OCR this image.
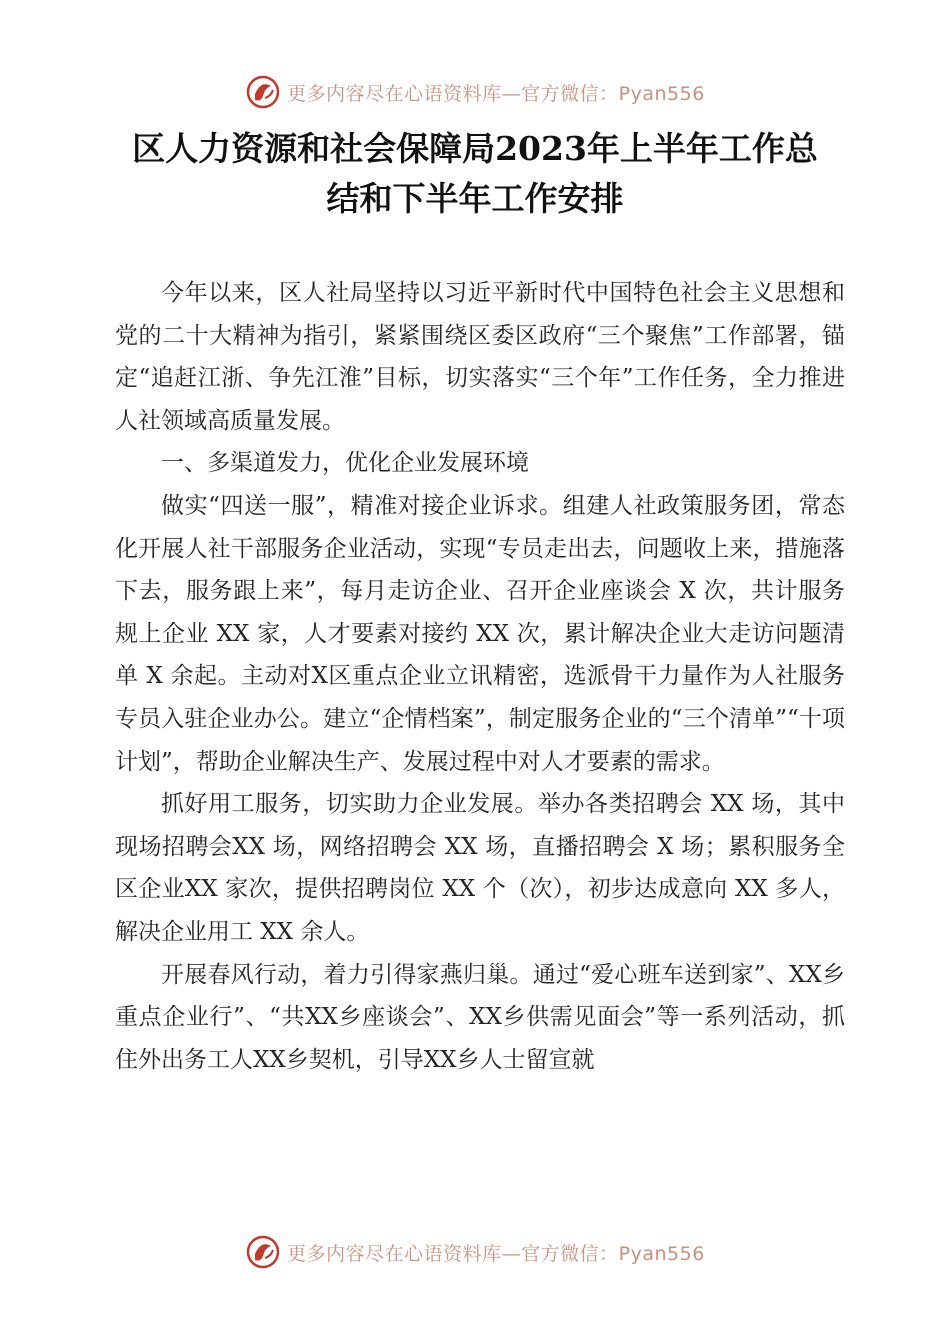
更多内容尽在心语资料库—官方微信：Pyan556
区人力资源和社会保障局2023年上半年工作总
结和下半年工作安排

今年以来，区人社局坚持以习近平新时代中国特色社会主义思想和党的二十大精神为指引，紧紧围绕区委区政府“三个聚焦”工作部署，锚定“追赶江浙、争先江淮”目标，切实落实“三个年”工作任务，全力推进人社领域高质量发展。

一、多渠道发力，优化企业发展环境

做实“四送一服”，精准对接企业诉求。组建人社政策服务团，常态化开展人社干部服务企业活动，实现“专员走出去，问题收上来，措施落下去，服务跟上来”，每月走访企业、召开企业座谈会 X 次，共计服务规上企业 XX 家，人才要素对接约 XX 次，累计解决企业大走访问题清单 X 余起。主动对X区重点企业立讯精密，选派骨干力量作为人社服务专员入驻企业办公。建立“企情档案”，制定服务企业的“三个清单”“十项计划”，帮助企业解决生产、发展过程中对人才要素的需求。

抓好用工服务，切实助力企业发展。举办各类招聘会 XX 场，其中现场招聘会XX 场，网络招聘会 XX 场，直播招聘会 X 场；累积服务全区企业XX 家次，提供招聘岗位 XX 个（次），初步达成意向 XX 多人，解决企业用工 XX 余人。

开展春风行动，着力引得家燕归巢。通过“爱心班车送到家”、XX乡重点企业行”、“共XX乡座谈会”、XX乡供需见面会”等一系列活动，抓住外出务工人XX乡契机，引导XX乡人士留宣就

更多内容尽在心语资料库—官方微信：Pyan556
